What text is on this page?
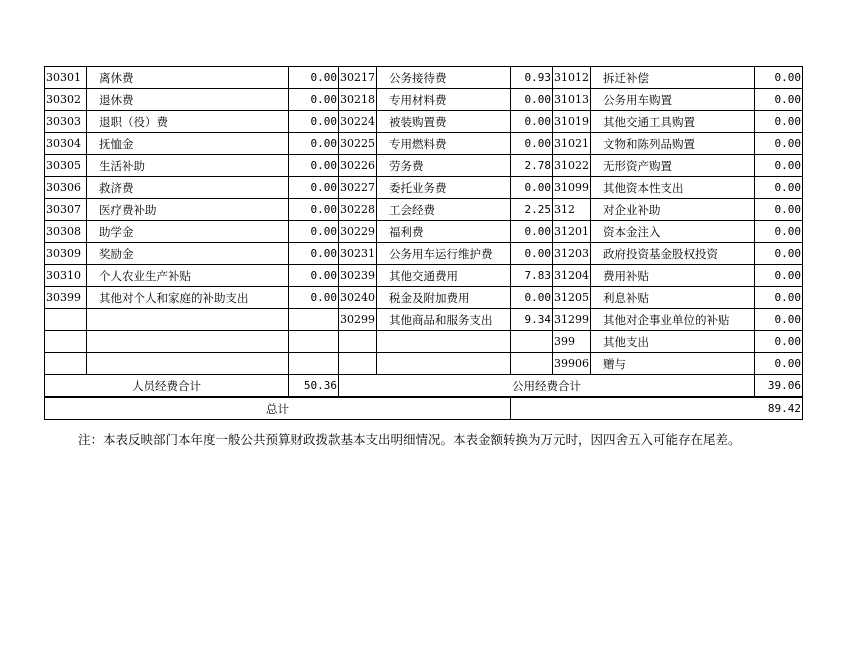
30301	离休费	0.00	30217	公务接待费	0.93	31012	拆迁补偿	0.00
30302	退休费	0.00	30218	专用材料费	0.00	31013	公务用车购置	0.00
30303	退职（役）费	0.00	30224	被装购置费	0.00	31019	其他交通工具购置	0.00
30304	抚恤金	0.00	30225	专用燃料费	0.00	31021	文物和陈列品购置	0.00
30305	生活补助	0.00	30226	劳务费	2.78	31022	无形资产购置	0.00
30306	救济费	0.00	30227	委托业务费	0.00	31099	其他资本性支出	0.00
30307	医疗费补助	0.00	30228	工会经费	2.25	312	对企业补助	0.00
30308	助学金	0.00	30229	福利费	0.00	31201	资本金注入	0.00
30309	奖励金	0.00	30231	公务用车运行维护费	0.00	31203	政府投资基金股权投资	0.00
30310	个人农业生产补贴	0.00	30239	其他交通费用	7.83	31204	费用补贴	0.00
30399	其他对个人和家庭的补助支出	0.00	30240	税金及附加费用	0.00	31205	利息补贴	0.00
			30299	其他商品和服务支出	9.34	31299	其他对企事业单位的补贴	0.00
						399	其他支出	0.00
						39906	赠与	0.00
人员经费合计		50.36	公用经费合计					39.06
总计					89.42			
注：本表反映部门本年度一般公共预算财政拨款基本支出明细情况。本表金额转换为万元时，因四舍五入可能存在尾差。
